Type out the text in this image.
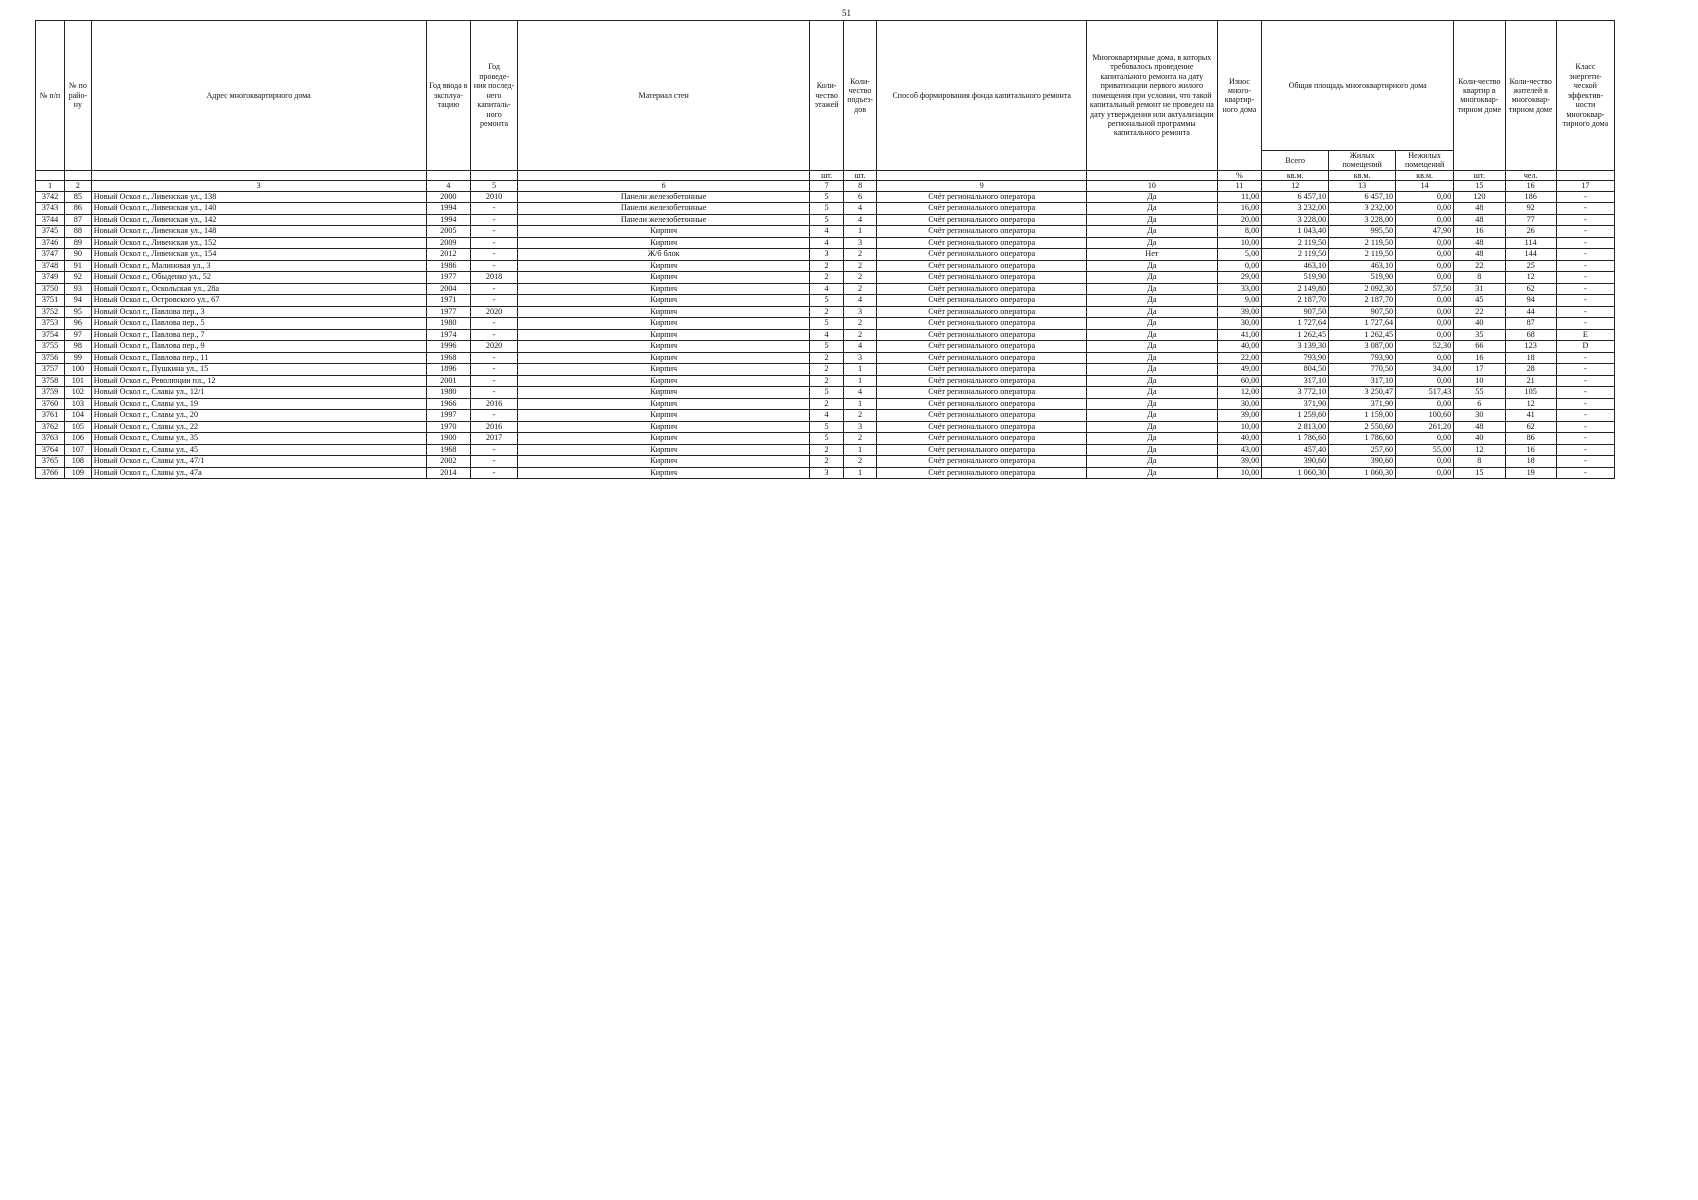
51
№ п/п	№ по райо-ну	Адрес многоквартирного дома	Год ввода в эксплуа-тацию	Год проведе-ния послед-него капиталь-ного ремонта	Материал стен	Коли-чество этажей	Коли-чество подъез-дов	Способ формирования фонда капитального ремонта	Многоквартирные дома, в которых требовалось проведение капитального ремонта на дату приватизации первого жилого помещения при условии, что такой капитальный ремонт не проведен на дату утверждения или актуализации региональной программы капитального ремонта	Износ много-квартир-ного дома	Общая площадь многоквартирного дома			Коли-чество квартир в многоквар-тирном доме	Коли-чество жителей в многоквар-тирном доме	Класс энергети-ческой эффектив-ности многоквар-тирного дома
											Всего	Жилых помещений	Нежилых помещений			
						шт.	шт.			%	кв.м.	кв.м.	кв.м.	шт.	чел.	
1	2	3	4	5	6	7	8	9	10	11	12	13	14	15	16	17
3742	85	Новый Оскол г., Ливенская ул., 138	2000	2010	Панели железобетонные	5	6	Счёт регионального оператора	Да	11,00	6 457,10	6 457,10	0,00	120	186	-
3743	86	Новый Оскол г., Ливенская ул., 140	1994	-	Панели железобетонные	5	4	Счёт регионального оператора	Да	16,00	3 232,00	3 232,00	0,00	48	92	-
3744	87	Новый Оскол г., Ливенская ул., 142	1994	-	Панели железобетонные	5	4	Счёт регионального оператора	Да	20,00	3 228,00	3 228,00	0,00	48	77	-
3745	88	Новый Оскол г., Ливенская ул., 148	2005	-	Кирпич	4	1	Счёт регионального оператора	Да	8,00	1 043,40	995,50	47,90	16	26	-
3746	89	Новый Оскол г., Ливенская ул., 152	2009	-	Кирпич	4	3	Счёт регионального оператора	Да	10,00	2 119,50	2 119,50	0,00	48	114	-
3747	90	Новый Оскол г., Ливенская ул., 154	2012	-	Ж/б блок	3	2	Счёт регионального оператора	Нет	5,00	2 119,50	2 119,50	0,00	48	144	-
3748	91	Новый Оскол г., Малиновая ул., 3	1986	-	Кирпич	2	2	Счёт регионального оператора	Да	0,00	463,10	463,10	0,00	22	25	-
3749	92	Новый Оскол г., Обыденко ул., 52	1977	2018	Кирпич	2	2	Счёт регионального оператора	Да	29,00	519,90	519,90	0,00	8	12	-
3750	93	Новый Оскол г., Оскольская ул., 28а	2004	-	Кирпич	4	2	Счёт регионального оператора	Да	33,00	2 149,80	2 092,30	57,50	31	62	-
3751	94	Новый Оскол г., Островского ул., 67	1971	-	Кирпич	5	4	Счёт регионального оператора	Да	9,00	2 187,70	2 187,70	0,00	45	94	-
3752	95	Новый Оскол г., Павлова пер., 3	1977	2020	Кирпич	2	3	Счёт регионального оператора	Да	39,00	907,50	907,50	0,00	22	44	-
3753	96	Новый Оскол г., Павлова пер., 5	1980	-	Кирпич	5	2	Счёт регионального оператора	Да	30,00	1 727,64	1 727,64	0,00	40	87	-
3754	97	Новый Оскол г., Павлова пер., 7	1974	-	Кирпич	4	2	Счёт регионального оператора	Да	41,00	1 262,45	1 262,45	0,00	35	68	E
3755	98	Новый Оскол г., Павлова пер., 9	1996	2020	Кирпич	5	4	Счёт регионального оператора	Да	40,00	3 139,30	3 087,00	52,30	66	123	D
3756	99	Новый Оскол г., Павлова пер., 11	1968	-	Кирпич	2	3	Счёт регионального оператора	Да	22,00	793,90	793,90	0,00	16	18	-
3757	100	Новый Оскол г., Пушкина ул., 15	1896	-	Кирпич	2	1	Счёт регионального оператора	Да	49,00	804,50	770,50	34,00	17	28	-
3758	101	Новый Оскол г., Революции пл., 12	2001	-	Кирпич	2	1	Счёт регионального оператора	Да	60,00	317,10	317,10	0,00	10	21	-
3759	102	Новый Оскол г., Славы ул., 12/1	1980	-	Кирпич	5	4	Счёт регионального оператора	Да	12,00	3 772,10	3 250,47	517,43	55	105	-
3760	103	Новый Оскол г., Славы ул., 19	1966	2016	Кирпич	2	1	Счёт регионального оператора	Да	30,00	371,90	371,90	0,00	6	12	-
3761	104	Новый Оскол г., Славы ул., 20	1997	-	Кирпич	4	2	Счёт регионального оператора	Да	39,00	1 259,60	1 159,00	100,60	30	41	-
3762	105	Новый Оскол г., Славы ул., 22	1970	2016	Кирпич	5	3	Счёт регионального оператора	Да	10,00	2 813,00	2 550,60	261,20	48	62	-
3763	106	Новый Оскол г., Славы ул., 35	1900	2017	Кирпич	5	2	Счёт регионального оператора	Да	40,00	1 786,60	1 786,60	0,00	40	86	-
3764	107	Новый Оскол г., Славы ул., 45	1968	-	Кирпич	2	1	Счёт регионального оператора	Да	43,00	457,40	257,60	55,00	12	16	-
3765	108	Новый Оскол г., Славы ул., 47/1	2002	-	Кирпич	2	2	Счёт регионального оператора	Да	39,00	390,60	390,60	0,00	8	18	-
3766	109	Новый Оскол г., Славы ул., 47а	2014	-	Кирпич	3	1	Счёт регионального оператора	Да	10,00	1 060,30	1 060,30	0,00	15	19	-
